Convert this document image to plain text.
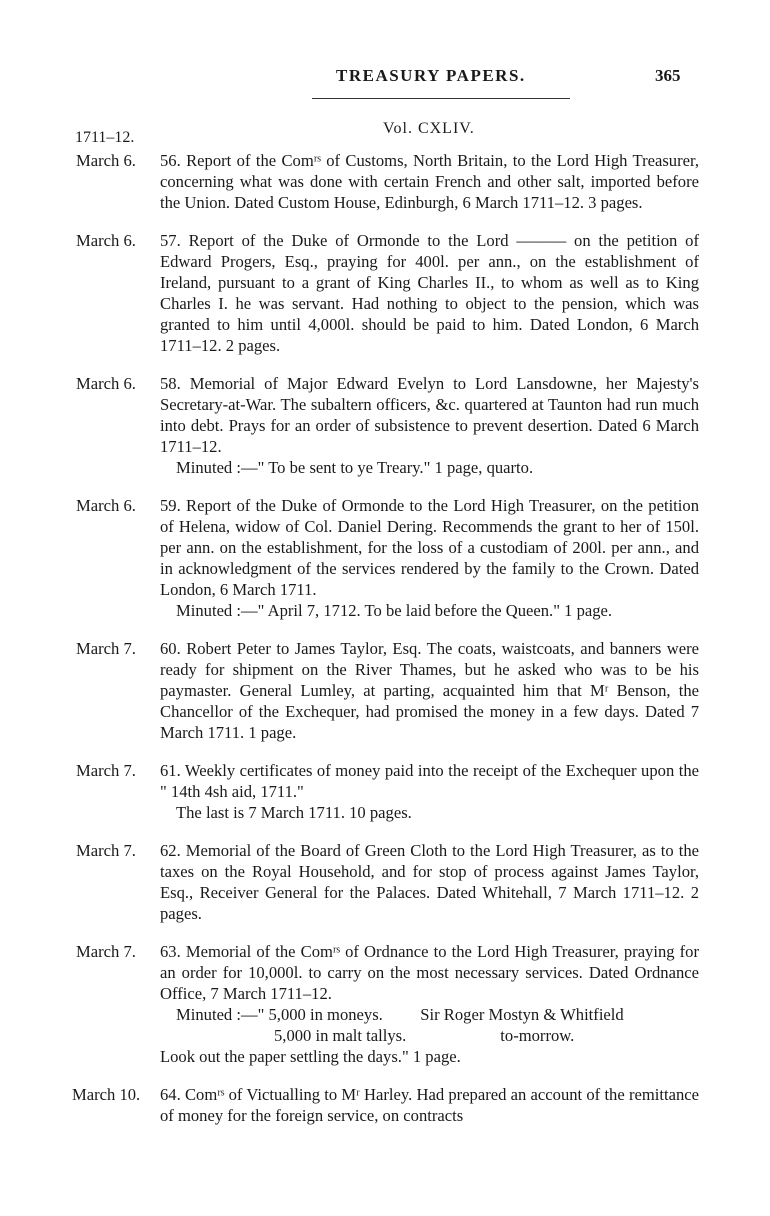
TREASURY PAPERS.	365
1711–12.
Vol. CXLIV.
March 6. 56. Report of the Comʳˢ of Customs, North Britain, to the Lord High Treasurer, concerning what was done with certain French and other salt, imported before the Union. Dated Custom House, Edinburgh, 6 March 1711–12. 3 pages.

March 6. 57. Report of the Duke of Ormonde to the Lord ——— on the petition of Edward Progers, Esq., praying for 400l. per ann., on the establishment of Ireland, pursuant to a grant of King Charles II., to whom as well as to King Charles I. he was servant. Had nothing to object to the pension, which was granted to him until 4,000l. should be paid to him. Dated London, 6 March 1711–12. 2 pages.

March 6. 58. Memorial of Major Edward Evelyn to Lord Lansdowne, her Majesty's Secretary-at-War. The subaltern officers, &c. quartered at Taunton had run much into debt. Prays for an order of subsistence to prevent desertion. Dated 6 March 1711–12.

Minuted :—" To be sent to ye Treary." 1 page, quarto.

March 6. 59. Report of the Duke of Ormonde to the Lord High Treasurer, on the petition of Helena, widow of Col. Daniel Dering. Recommends the grant to her of 150l. per ann. on the establishment, for the loss of a custodiam of 200l. per ann., and in acknowledgment of the services rendered by the family to the Crown. Dated London, 6 March 1711.

Minuted :—" April 7, 1712. To be laid before the Queen." 1 page.

March 7. 60. Robert Peter to James Taylor, Esq. The coats, waistcoats, and banners were ready for shipment on the River Thames, but he asked who was to be his paymaster. General Lumley, at parting, acquainted him that Mʳ Benson, the Chancellor of the Exchequer, had promised the money in a few days. Dated 7 March 1711. 1 page.

March 7. 61. Weekly certificates of money paid into the receipt of the Exchequer upon the " 14th 4sh aid, 1711."

The last is 7 March 1711. 10 pages.

March 7. 62. Memorial of the Board of Green Cloth to the Lord High Treasurer, as to the taxes on the Royal Household, and for stop of process against James Taylor, Esq., Receiver General for the Palaces. Dated Whitehall, 7 March 1711–12. 2 pages.

March 7. 63. Memorial of the Comʳˢ of Ordnance to the Lord High Treasurer, praying for an order for 10,000l. to carry on the most necessary services. Dated Ordnance Office, 7 March 1711–12.

Minuted :—" 5,000 in moneys.	Sir Roger Mostyn & Whitfield
5,000 in malt tallys.	to-morrow.

Look out the paper settling the days." 1 page.

March 10. 64. Comʳˢ of Victualling to Mʳ Harley. Had prepared an account of the remittance of money for the foreign service, on contracts
